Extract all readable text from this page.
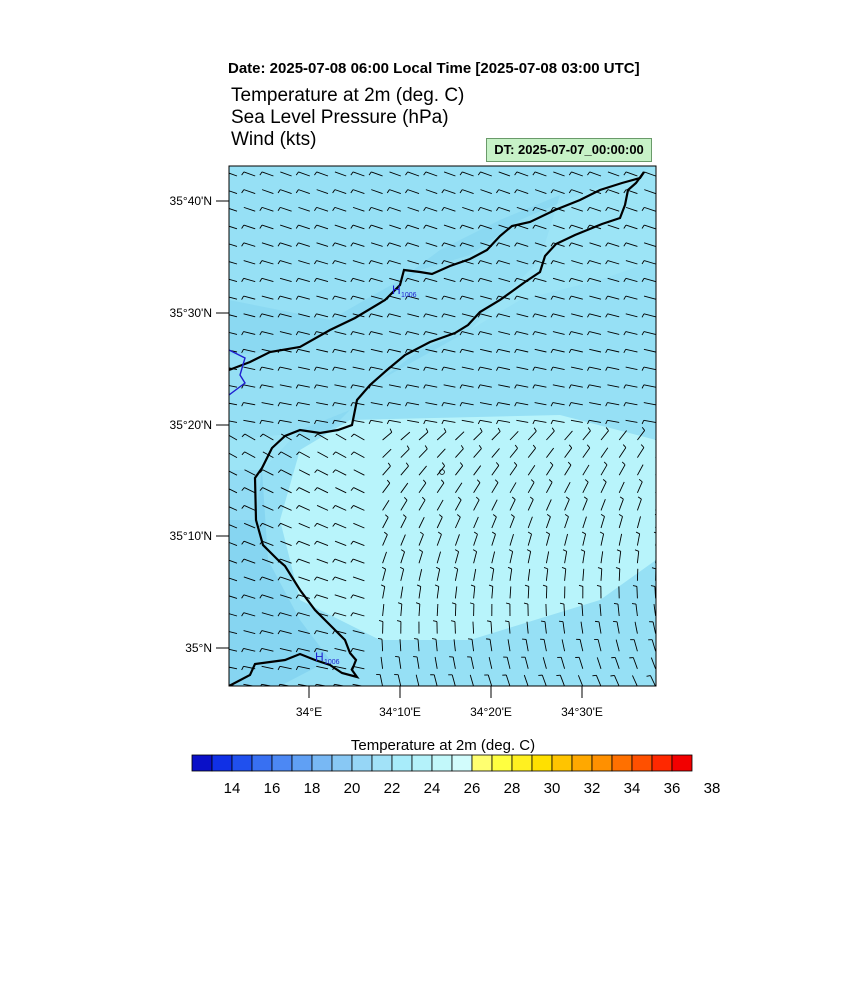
Date: 2025-07-08 06:00 Local Time [2025-07-08 03:00 UTC]
Temperature at 2m (deg. C)
Sea Level Pressure (hPa)
Wind (kts)	DT: 2025-07-07_00:00:00
H 1006
H 1006
35°40'N
35°30'N
35°20'N
35°10'N
35°N
34°E	34°10'E	34°20'E	34°30'E
Temperature at 2m (deg. C)
14	16	18	20	22	24	26	28	30	32	34	36	38
